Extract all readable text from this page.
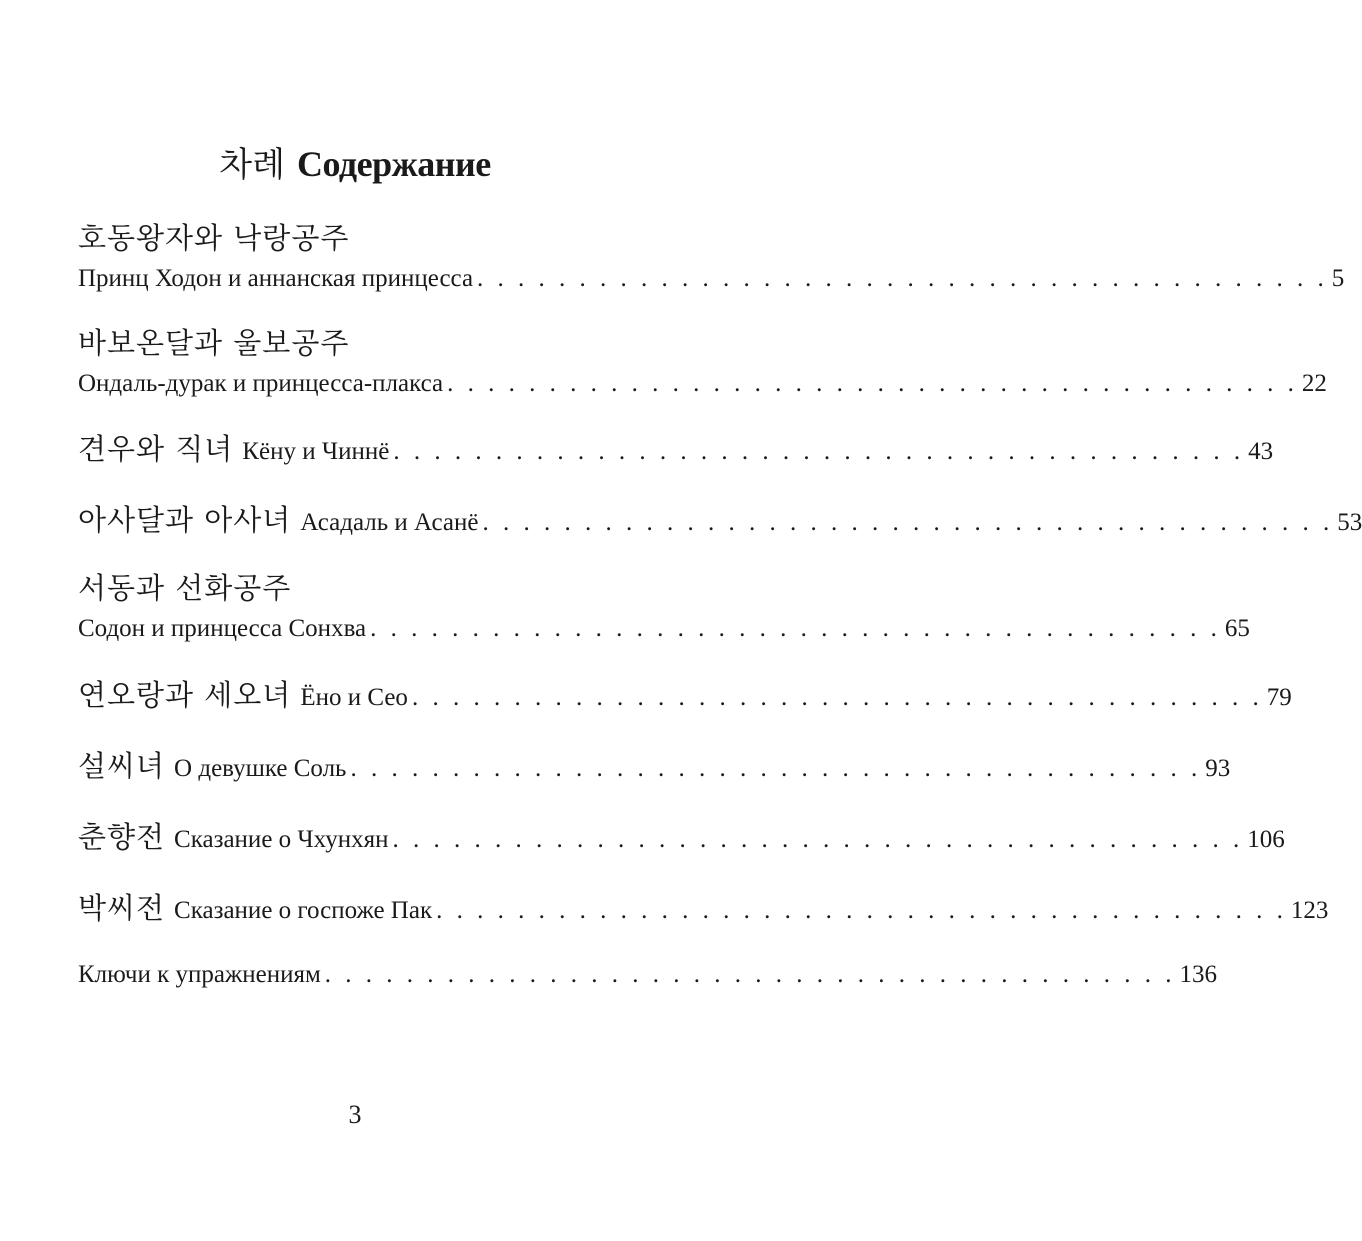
차례 Содержание
호동왕자와 낙랑공주
Принц Ходон и аннанская принцесса . . . . . . . . . . . . . . . . . . . . . . . . . . . . . . . . . . . . . . . . . . 5
바보온달과 울보공주
Ондаль-дурак и принцесса-плакса . . . . . . . . . . . . . . . . . . . . . . . . . . . . . . . . . . . . . . . . . . 22
견우와 직녀 Кёну и Чиннё . . . . . . . . . . . . . . . . . . . . . . . . . . . . . . . . . . . . . . . . . . 43
아사달과 아사녀 Асадаль и Асанё . . . . . . . . . . . . . . . . . . . . . . . . . . . . . . . . . . . . . . . . . . 53
서동과 선화공주
Содон и принцесса Сонхва . . . . . . . . . . . . . . . . . . . . . . . . . . . . . . . . . . . . . . . . . . 65
연오랑과 세오녀 Ёно и Сео . . . . . . . . . . . . . . . . . . . . . . . . . . . . . . . . . . . . . . . . . . 79
설씨녀 О девушке Соль . . . . . . . . . . . . . . . . . . . . . . . . . . . . . . . . . . . . . . . . . . 93
춘향전 Сказание о Чхунхян . . . . . . . . . . . . . . . . . . . . . . . . . . . . . . . . . . . . . . . . . . 106
박씨전 Сказание о госпоже Пак . . . . . . . . . . . . . . . . . . . . . . . . . . . . . . . . . . . . . . . . . . 123
Ключи к упражнениям . . . . . . . . . . . . . . . . . . . . . . . . . . . . . . . . . . . . . . . . . . 136
3
